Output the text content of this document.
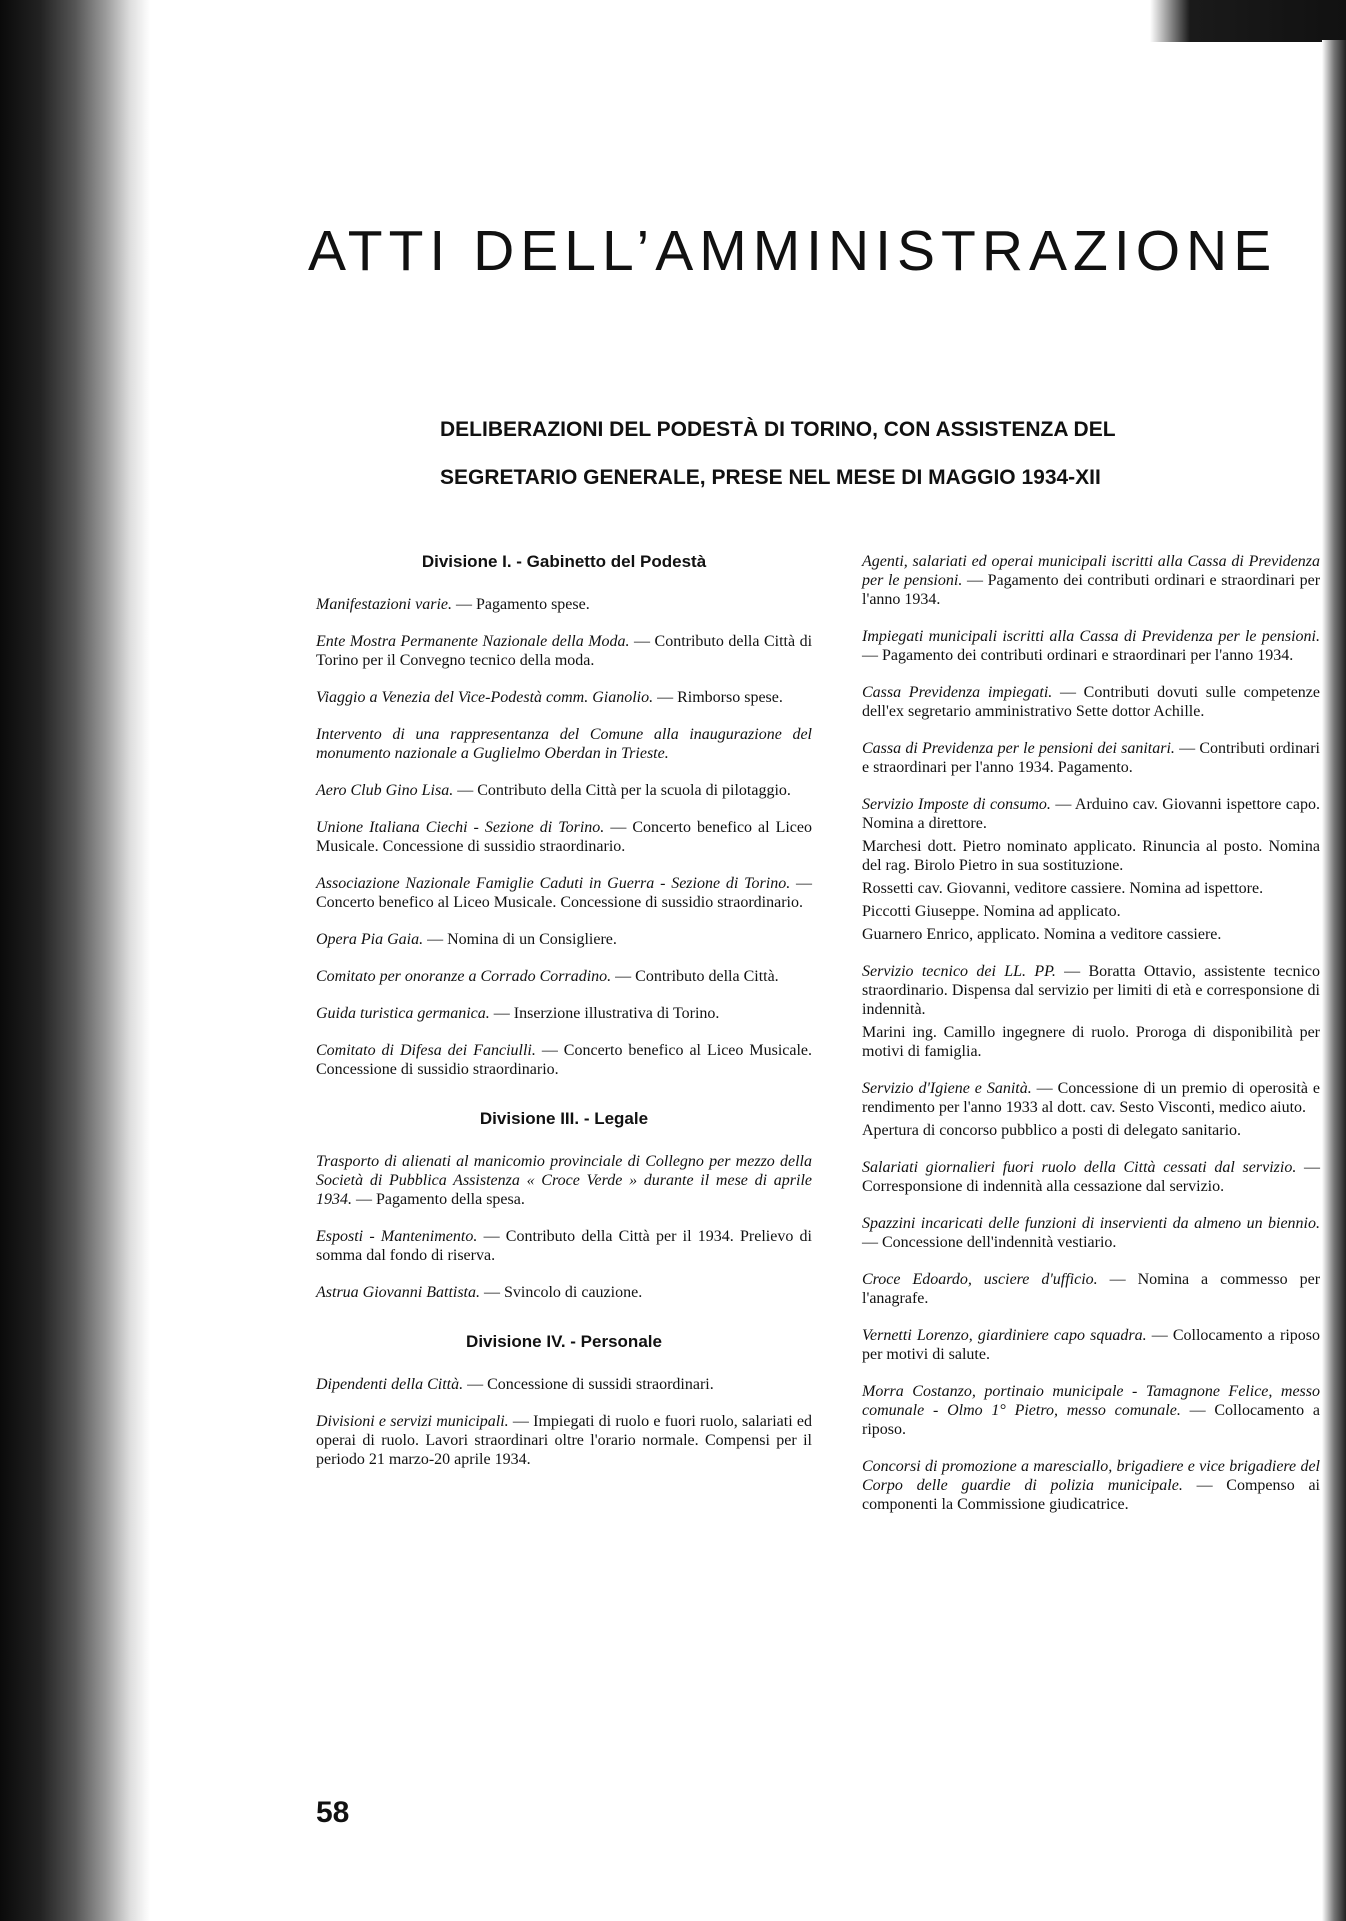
ATTI DELL’AMMINISTRAZIONE
DELIBERAZIONI DEL PODESTÀ DI TORINO, CON ASSISTENZA DEL
SEGRETARIO GENERALE, PRESE NEL MESE DI MAGGIO 1934-XII
Divisione I. - Gabinetto del Podestà

Manifestazioni varie. — Pagamento spese.

Ente Mostra Permanente Nazionale della Moda. — Contributo della Città di Torino per il Convegno tecnico della moda.

Viaggio a Venezia del Vice-Podestà comm. Gianolio. — Rimborso spese.

Intervento di una rappresentanza del Comune alla inaugurazione del monumento nazionale a Guglielmo Oberdan in Trieste.

Aero Club Gino Lisa. — Contributo della Città per la scuola di pilotaggio.

Unione Italiana Ciechi - Sezione di Torino. — Concerto benefico al Liceo Musicale. Concessione di sussidio straordinario.

Associazione Nazionale Famiglie Caduti in Guerra - Sezione di Torino. — Concerto benefico al Liceo Musicale. Concessione di sussidio straordinario.

Opera Pia Gaia. — Nomina di un Consigliere.

Comitato per onoranze a Corrado Corradino. — Contributo della Città.

Guida turistica germanica. — Inserzione illustrativa di Torino.

Comitato di Difesa dei Fanciulli. — Concerto benefico al Liceo Musicale. Concessione di sussidio straordinario.

Divisione III. - Legale

Trasporto di alienati al manicomio provinciale di Collegno per mezzo della Società di Pubblica Assistenza « Croce Verde » durante il mese di aprile 1934. — Pagamento della spesa.

Esposti - Mantenimento. — Contributo della Città per il 1934. Prelievo di somma dal fondo di riserva.

Astrua Giovanni Battista. — Svincolo di cauzione.

Divisione IV. - Personale

Dipendenti della Città. — Concessione di sussidi straordinari.

Divisioni e servizi municipali. — Impiegati di ruolo e fuori ruolo, salariati ed operai di ruolo. Lavori straordinari oltre l'orario normale. Compensi per il periodo 21 marzo-20 aprile 1934.

Agenti, salariati ed operai municipali iscritti alla Cassa di Previdenza per le pensioni. — Pagamento dei contributi ordinari e straordinari per l'anno 1934.

Impiegati municipali iscritti alla Cassa di Previdenza per le pensioni. — Pagamento dei contributi ordinari e straordinari per l'anno 1934.

Cassa Previdenza impiegati. — Contributi dovuti sulle competenze dell'ex segretario amministrativo Sette dottor Achille.

Cassa di Previdenza per le pensioni dei sanitari. — Contributi ordinari e straordinari per l'anno 1934. Pagamento.

Servizio Imposte di consumo. — Arduino cav. Giovanni ispettore capo. Nomina a direttore.

Marchesi dott. Pietro nominato applicato. Rinuncia al posto. Nomina del rag. Birolo Pietro in sua sostituzione.

Rossetti cav. Giovanni, veditore cassiere. Nomina ad ispettore.

Piccotti Giuseppe. Nomina ad applicato.

Guarnero Enrico, applicato. Nomina a veditore cassiere.

Servizio tecnico dei LL. PP. — Boratta Ottavio, assistente tecnico straordinario. Dispensa dal servizio per limiti di età e corresponsione di indennità.

Marini ing. Camillo ingegnere di ruolo. Proroga di disponibilità per motivi di famiglia.

Servizio d'Igiene e Sanità. — Concessione di un premio di operosità e rendimento per l'anno 1933 al dott. cav. Sesto Visconti, medico aiuto.

Apertura di concorso pubblico a posti di delegato sanitario.

Salariati giornalieri fuori ruolo della Città cessati dal servizio. — Corresponsione di indennità alla cessazione dal servizio.

Spazzini incaricati delle funzioni di inservienti da almeno un biennio. — Concessione dell'indennità vestiario.

Croce Edoardo, usciere d'ufficio. — Nomina a commesso per l'anagrafe.

Vernetti Lorenzo, giardiniere capo squadra. — Collocamento a riposo per motivi di salute.

Morra Costanzo, portinaio municipale - Tamagnone Felice, messo comunale - Olmo 1° Pietro, messo comunale. — Collocamento a riposo.

Concorsi di promozione a maresciallo, brigadiere e vice brigadiere del Corpo delle guardie di polizia municipale. — Compenso ai componenti la Commissione giudicatrice.

58
